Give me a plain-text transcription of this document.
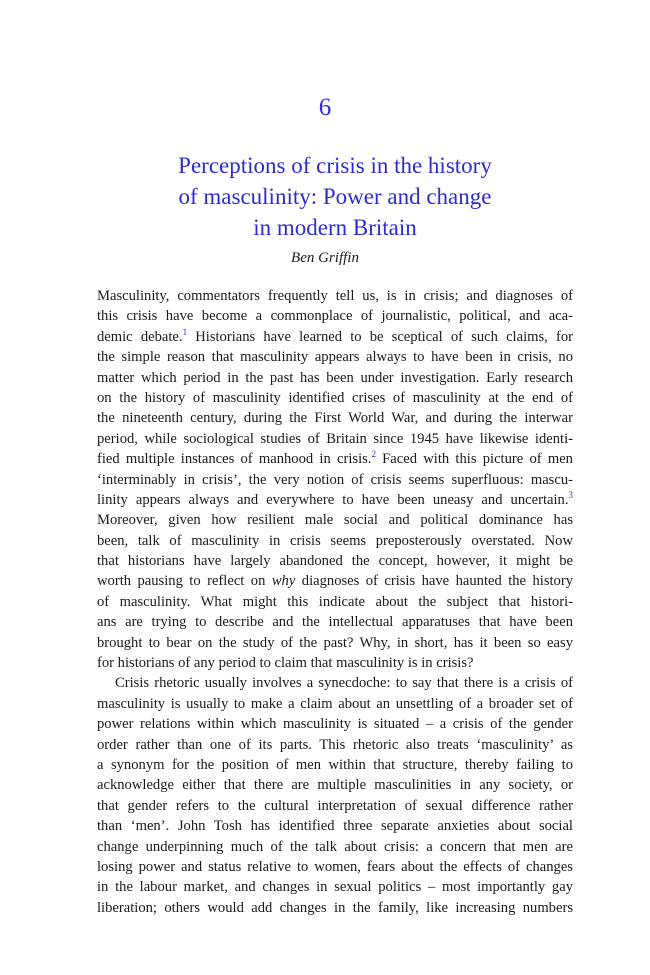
6
Perceptions of crisis in the history
of masculinity: Power and change
in modern Britain
Ben Griffin
Masculinity, commentators frequently tell us, is in crisis; and diagnoses of
this crisis have become a commonplace of journalistic, political, and aca-
demic debate.$^1$ Historians have learned to be sceptical of such claims, for
the simple reason that masculinity appears always to have been in crisis, no
matter which period in the past has been under investigation. Early research
on the history of masculinity identified crises of masculinity at the end of
the nineteenth century, during the First World War, and during the interwar
period, while sociological studies of Britain since 1945 have likewise identi-
fied multiple instances of manhood in crisis.$^2$ Faced with this picture of men
‘interminably in crisis’, the very notion of crisis seems superfluous: mascu-
linity appears always and everywhere to have been uneasy and uncertain.$^3$
Moreover, given how resilient male social and political dominance has
been, talk of masculinity in crisis seems preposterously overstated. Now
that historians have largely abandoned the concept, however, it might be
worth pausing to reflect on why diagnoses of crisis have haunted the history
of masculinity. What might this indicate about the subject that histori-
ans are trying to describe and the intellectual apparatuses that have been
brought to bear on the study of the past? Why, in short, has it been so easy
for historians of any period to claim that masculinity is in crisis?
Crisis rhetoric usually involves a synecdoche: to say that there is a crisis of
masculinity is usually to make a claim about an unsettling of a broader set of
power relations within which masculinity is situated – a crisis of the gender
order rather than one of its parts. This rhetoric also treats ‘masculinity’ as
a synonym for the position of men within that structure, thereby failing to
acknowledge either that there are multiple masculinities in any society, or
that gender refers to the cultural interpretation of sexual difference rather
than ‘men’. John Tosh has identified three separate anxieties about social
change underpinning much of the talk about crisis: a concern that men are
losing power and status relative to women, fears about the effects of changes
in the labour market, and changes in sexual politics – most importantly gay
liberation; others would add changes in the family, like increasing numbers
